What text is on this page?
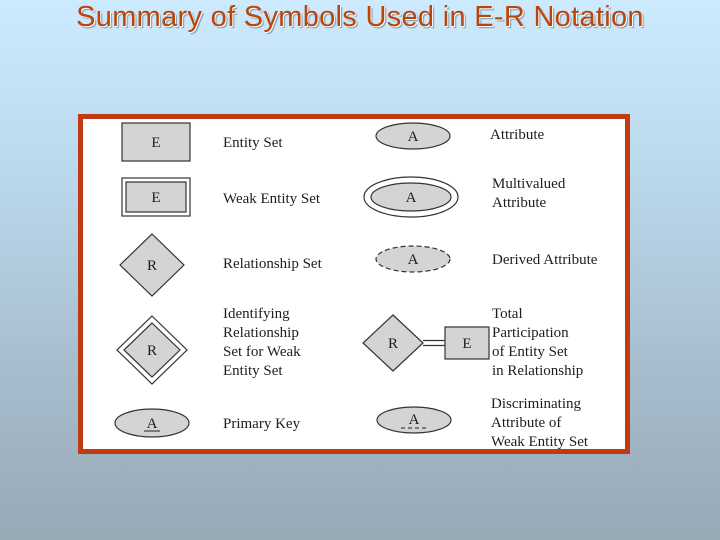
Summary of Symbols Used in E-R Notation
E
E
R
R
A
A
A
A
R	E
A
Entity Set
Weak Entity Set
Relationship Set
Identifying
Relationship
Set for Weak
Entity Set
Primary Key
Attribute
Multivalued
Attribute
Derived Attribute
Total
Participation
of Entity Set
in Relationship
Discriminating
Attribute of
Weak Entity Set
